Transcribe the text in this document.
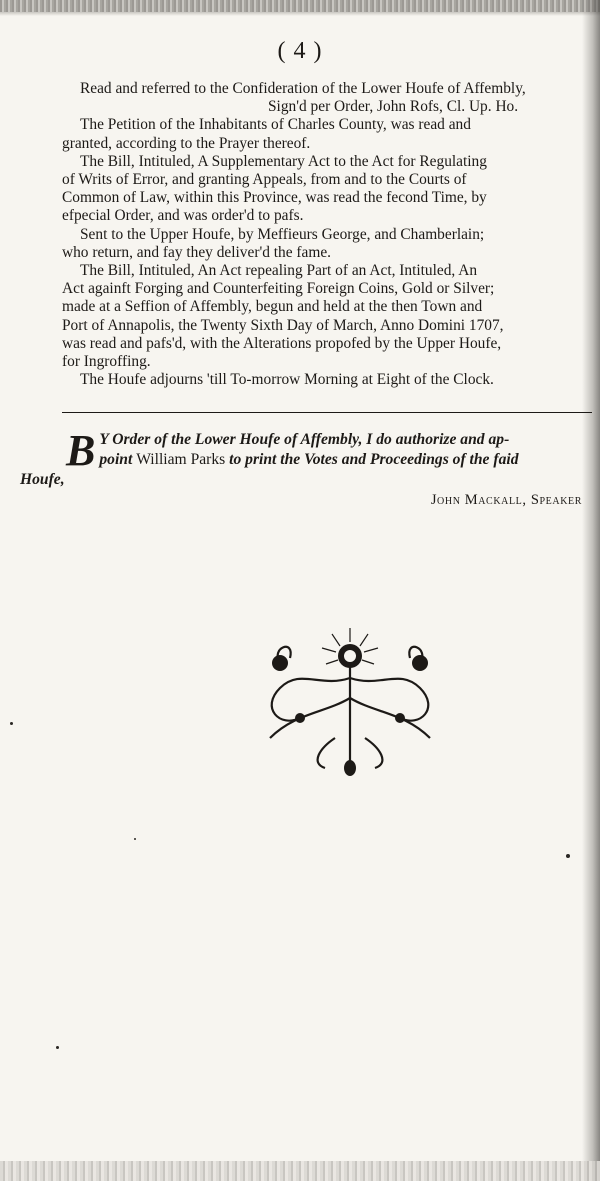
( 4 )
Read and referred to the Confideration of the Lower Houfe of Affembly,
Sign'd per Order, John Rofs, Cl. Up. Ho.
The Petition of the Inhabitants of Charles County, was read and
granted, according to the Prayer thereof.
The Bill, Intituled, A Supplementary Act to the Act for Regulating
of Writs of Error, and granting Appeals, from and to the Courts of
Common of Law, within this Province, was read the fecond Time, by
efpecial Order, and was order'd to pafs.
Sent to the Upper Houfe, by Meffieurs George, and Chamberlain;
who return, and fay they deliver'd the fame.
The Bill, Intituled, An Act repealing Part of an Act, Intituled, An
Act againft Forging and Counterfeiting Foreign Coins, Gold or Silver;
made at a Seffion of Affembly, begun and held at the then Town and
Port of Annapolis, the Twenty Sixth Day of March, Anno Domini 1707,
was read and pafs'd, with the Alterations propofed by the Upper Houfe,
for Ingroffing.
The Houfe adjourns 'till To-morrow Morning at Eight of the Clock.
B Y Order of the Lower Houfe of Affembly, I do authorize and ap-
point William Parks to print the Votes and Proceedings of the faid
Houfe,
John Mackall, Speaker
